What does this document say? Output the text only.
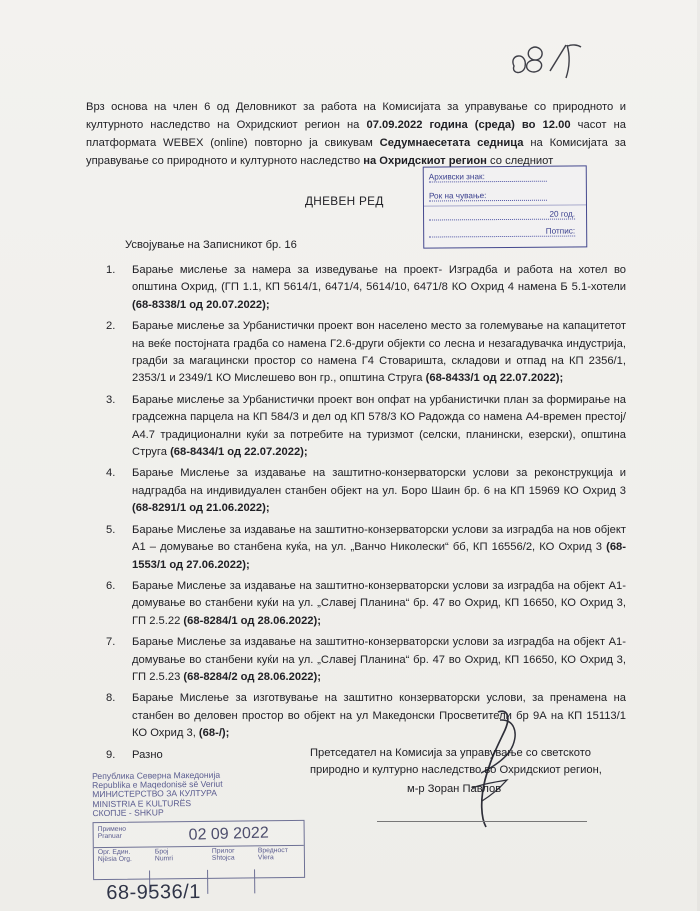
Врз основа на член 6 од Деловникот за работа на Комисијата за управување со природното и културното наследство на Охридскиот регион на 07.09.2022 година (среда) во 12.00 часот на платформата WEBEX (online) повторно ја свикувам Седумнаесетата седница на Комисијата за управување со природното и културното наследство на Охридскиот регион со следниот
ДНЕВЕН РЕД
Архивски знак:
Рок на чување:
20 год.
Потпис:
Усвојување на Записникот бр. 16
1.	Барање мислење за намера за изведување на проект- Изградба и работа на хотел во општина Охрид, (ГП 1.1, КП 5614/1, 6471/4, 5614/10, 6471/8 КО Охрид 4 намена Б 5.1-хотели (68-8338/1 од 20.07.2022);
2.	Барање мислење за Урбанистички проект вон населено место за големување на капацитетот на веќе постојната градба со намена Г2.6-други објекти со лесна и незагадувачка индустрија, градби за магацински простор со намена Г4 Стоваришта, складови и отпад на КП 2356/1, 2353/1 и 2349/1 КО Мислешево вон гр., општина Струга (68-8433/1 од 22.07.2022);
3.	Барање мислење за Урбанистички проект вон опфат на урбанистички план за формирање на градсежна парцела на КП 584/3 и дел од КП 578/3 КО Радожда со намена А4-времен престој/А4.7 традиционални куќи за потребите на туризмот (селски, планински, езерски), општина Струга (68-8434/1 од 22.07.2022);
4.	Барање Мислење за издавање на заштитно-конзерваторски услови за реконструкција и надградба на индивидуален станбен објект на ул. Боро Шаин бр. 6 на КП 15969 КО Охрид 3 (68-8291/1 од 21.06.2022);
5.	Барање Мислење за издавање на заштитно-конзерваторски услови за изградба на нов објект А1 – домување во станбена куќа, на ул. „Ванчо Николески“ бб, КП 16556/2, КО Охрид 3 (68-1553/1 од 27.06.2022);
6.	Барање Мислење за издавање на заштитно-конзерваторски услови за изградба на објект А1-домување во станбени куќи на ул. „Славеј Планина“ бр. 47 во Охрид, КП 16650, КО Охрид 3, ГП 2.5.22 (68-8284/1 од 28.06.2022);
7.	Барање Мислење за издавање на заштитно-конзерваторски услови за изградба на објект А1-домување во станбени куќи на ул. „Славеј Планина“ бр. 47 во Охрид, КП 16650, КО Охрид 3, ГП 2.5.23 (68-8284/2 од 28.06.2022);
8.	Барање Мислење за изготвување на заштитно конзерваторски услови, за пренамена на станбен во деловен простор во објект на ул Македонски Просветители бр 9А на КП 15113/1 КО Охрид 3, (68-/);
9.	Разно	Претседател на Комисија за управување со светското природно и културно наследство во Охридскиот регион,
м-р Зоран Павлов
Република Северна Македонија
Republika e Maqedonisë së Veriut
МИНИСТЕРСТВО ЗА КУЛТУРА
MINISTRIA E KULTURËS
СКОПЈЕ - SHKUP
Примено
Pranuar	02 09 2022
Орг. Един.
Njësia Org.
Број
Numri
Прилог
Shtojca
Вредност
Vlera
68-9536/1
